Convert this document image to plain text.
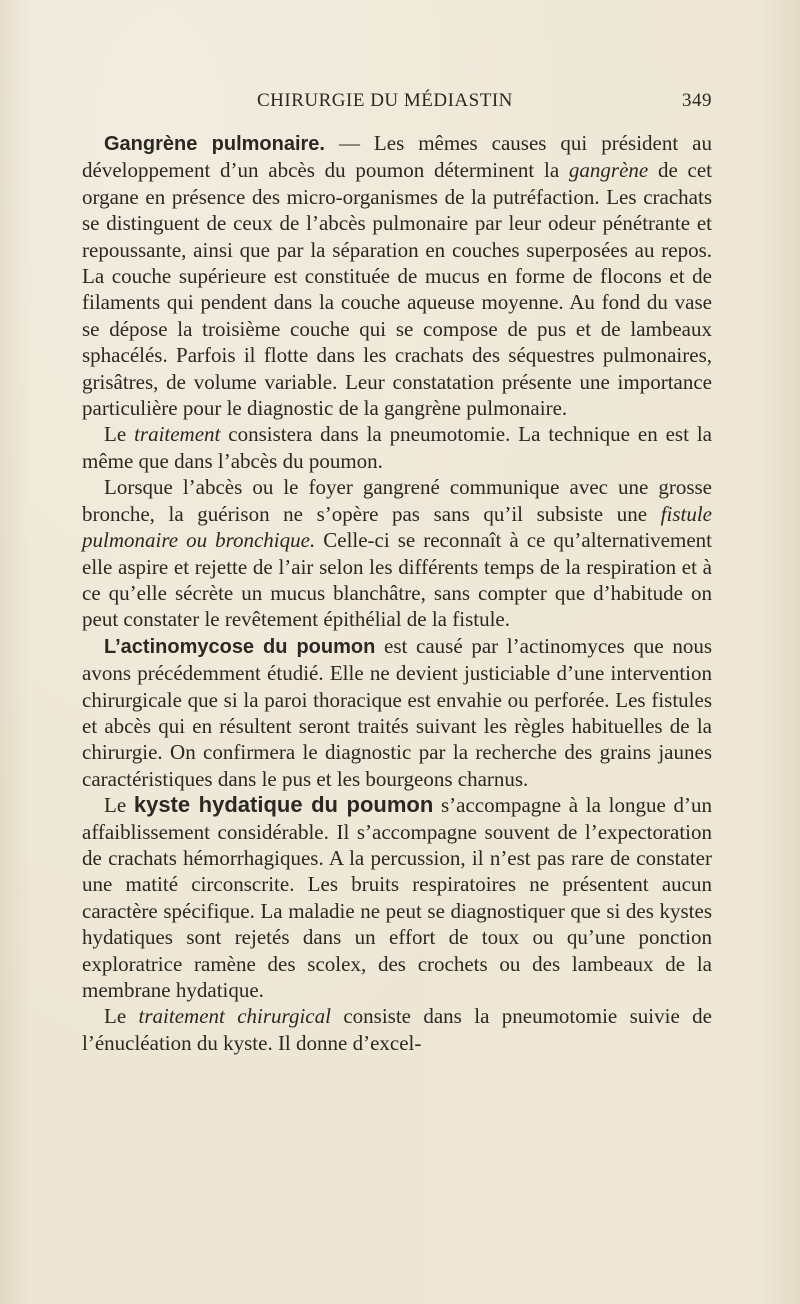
CHIRURGIE DU MÉDIASTIN	349

Gangrène pulmonaire. — Les mêmes causes qui président au développement d’un abcès du poumon déterminent la gangrène de cet organe en présence des micro-organismes de la putréfaction. Les crachats se distinguent de ceux de l’abcès pulmonaire par leur odeur pénétrante et repoussante, ainsi que par la séparation en couches superposées au repos. La couche supérieure est constituée de mucus en forme de flocons et de filaments qui pendent dans la couche aqueuse moyenne. Au fond du vase se dépose la troisième couche qui se compose de pus et de lambeaux sphacélés. Parfois il flotte dans les crachats des séquestres pulmonaires, grisâtres, de volume variable. Leur constatation présente une importance particulière pour le diagnostic de la gangrène pulmonaire.

Le traitement consistera dans la pneumotomie. La technique en est la même que dans l’abcès du poumon.

Lorsque l’abcès ou le foyer gangrené communique avec une grosse bronche, la guérison ne s’opère pas sans qu’il subsiste une fistule pulmonaire ou bronchique. Celle-ci se reconnaît à ce qu’alternativement elle aspire et rejette de l’air selon les différents temps de la respiration et à ce qu’elle sécrète un mucus blanchâtre, sans compter que d’habitude on peut constater le revêtement épithélial de la fistule.

L’actinomycose du poumon est causé par l’actinomyces que nous avons précédemment étudié. Elle ne devient justiciable d’une intervention chirurgicale que si la paroi thoracique est envahie ou perforée. Les fistules et abcès qui en résultent seront traités suivant les règles habituelles de la chirurgie. On confirmera le diagnostic par la recherche des grains jaunes caractéristiques dans le pus et les bourgeons charnus.

Le kyste hydatique du poumon s’accompagne à la longue d’un affaiblissement considérable. Il s’accompagne souvent de l’expectoration de crachats hémorrhagiques. A la percussion, il n’est pas rare de constater une matité circonscrite. Les bruits respiratoires ne présentent aucun caractère spécifique. La maladie ne peut se diagnostiquer que si des kystes hydatiques sont rejetés dans un effort de toux ou qu’une ponction exploratrice ramène des scolex, des crochets ou des lambeaux de la membrane hydatique.

Le traitement chirurgical consiste dans la pneumotomie suivie de l’énucléation du kyste. Il donne d’excel-
